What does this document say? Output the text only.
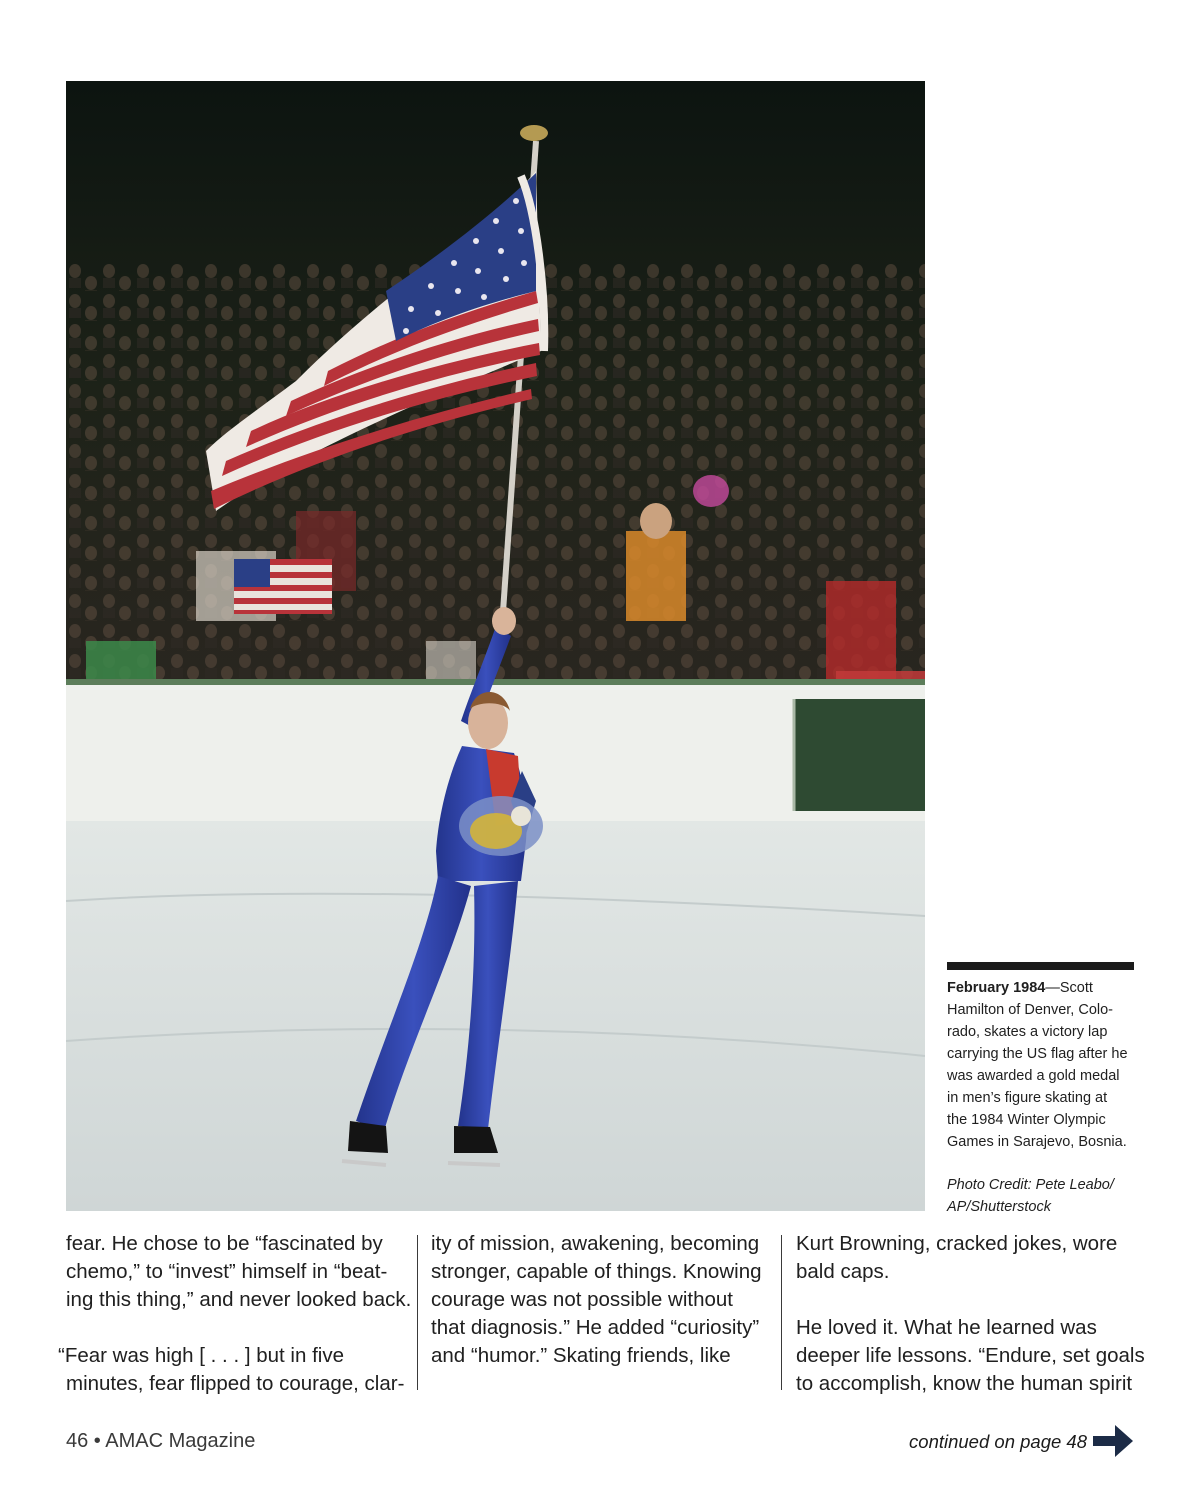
February 1984—Scott
Hamilton of Denver, Colo-
rado, skates a victory lap
carrying the US flag after he
was awarded a gold medal
in men’s figure skating at
the 1984 Winter Olympic
Games in Sarajevo, Bosnia.
Photo Credit: Pete Leabo/
AP/Shutterstock
fear. He chose to be “fascinated by
chemo,” to “invest” himself in “beat-
ing this thing,” and never looked back.
“Fear was high [ . . . ] but in five
minutes, fear flipped to courage, clar-
ity of mission, awakening, becoming
stronger, capable of things. Knowing
courage was not possible without
that diagnosis.” He added “curiosity”
and “humor.” Skating friends, like
Kurt Browning, cracked jokes, wore
bald caps.
He loved it. What he learned was
deeper life lessons. “Endure, set goals
to accomplish, know the human spirit
46 • AMAC Magazine	continued on page 48
